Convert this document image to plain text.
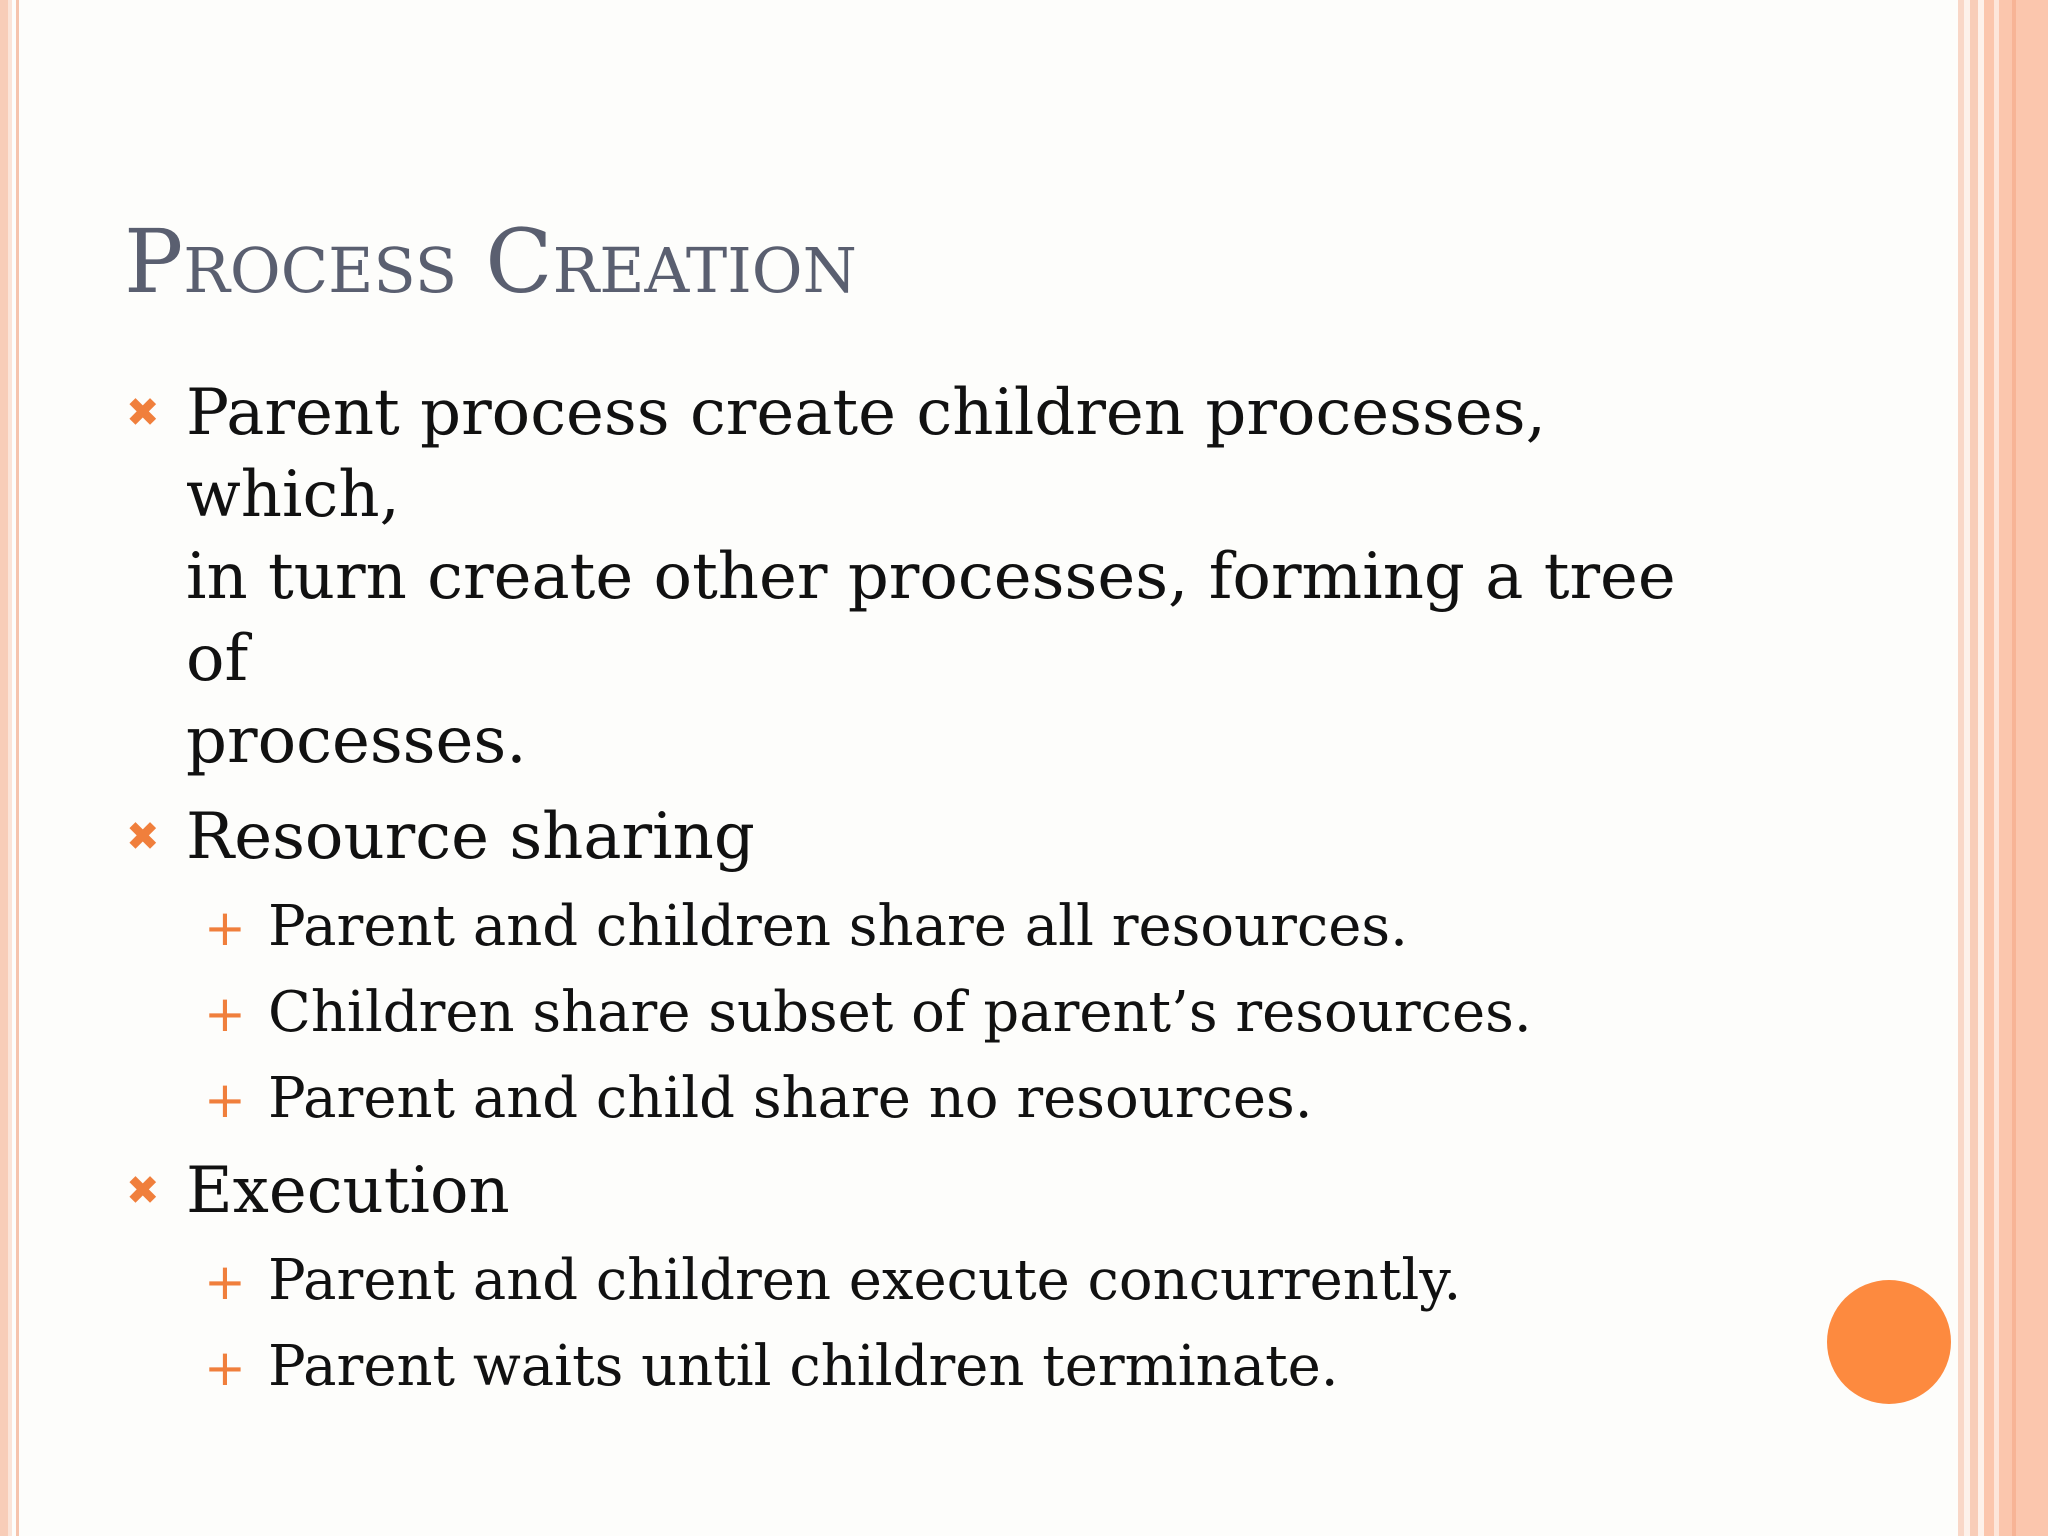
Process Creation
✖ Parent process create children processes, which,
in turn create other processes, forming a tree of
processes.
✖ Resource sharing
+ Parent and children share all resources.
+ Children share subset of parent’s resources.
+ Parent and child share no resources.
✖ Execution
+ Parent and children execute concurrently.
+ Parent waits until children terminate.
